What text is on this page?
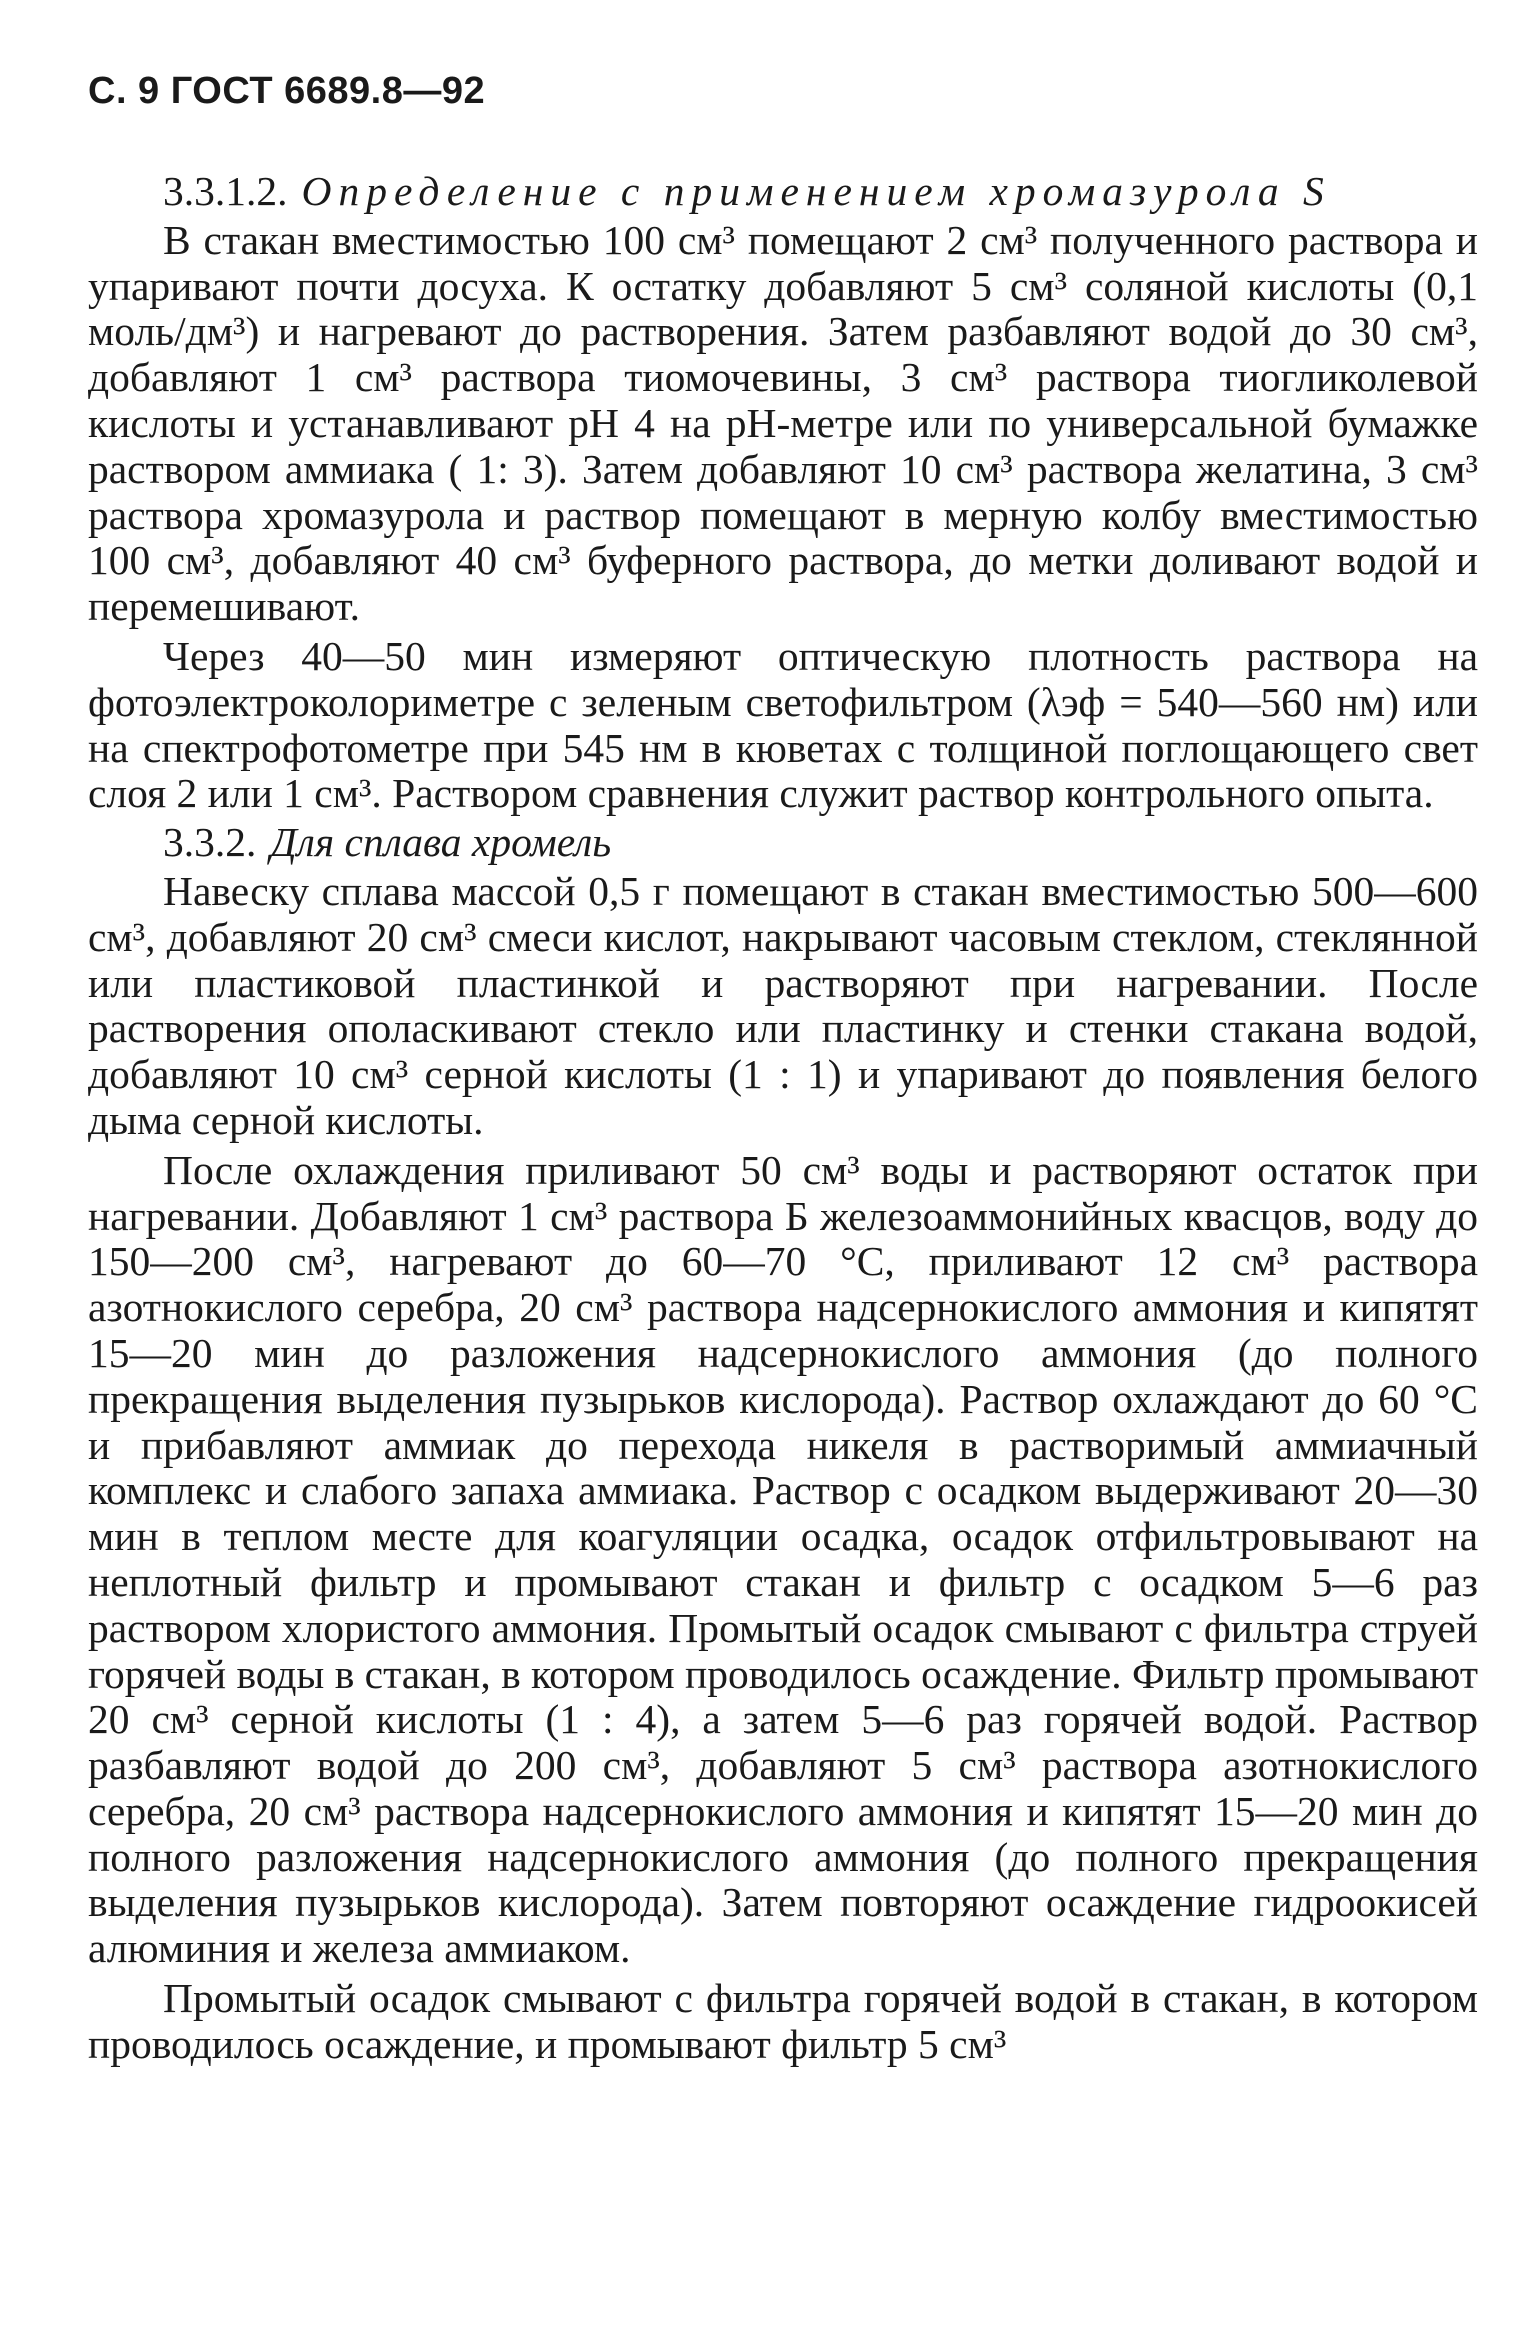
С. 9 ГОСТ 6689.8—92
3.3.1.2. Определение с применением хромазурола S

В стакан вместимостью 100 см³ помещают 2 см³ полученного раствора и упаривают почти досуха. К остатку добавляют 5 см³ соляной кислоты (0,1 моль/дм³) и нагревают до растворения. Затем разбавляют водой до 30 см³, добавляют 1 см³ раствора тиомочевины, 3 см³ раствора тиогликолевой кислоты и устанавливают pH 4 на pH-метре или по универсальной бумажке раствором аммиака ( 1: 3). Затем добавляют 10 см³ раствора желатина, 3 см³ раствора хромазурола и раствор помещают в мерную колбу вместимостью 100 см³, добавляют 40 см³ буферного раствора, до метки доливают водой и перемешивают.

Через 40—50 мин измеряют оптическую плотность раствора на фотоэлектроколориметре с зеленым светофильтром (λэф = 540—560 нм) или на спектрофотометре при 545 нм в кюветах с толщиной поглощающего свет слоя 2 или 1 см³. Раствором сравнения служит раствор контрольного опыта.

3.3.2. Для сплава хромель

Навеску сплава массой 0,5 г помещают в стакан вместимостью 500—600 см³, добавляют 20 см³ смеси кислот, накрывают часовым стеклом, стеклянной или пластиковой пластинкой и растворяют при нагревании. После растворения ополаскивают стекло или пластинку и стенки стакана водой, добавляют 10 см³ серной кислоты (1 : 1) и упаривают до появления белого дыма серной кислоты.

После охлаждения приливают 50 см³ воды и растворяют остаток при нагревании. Добавляют 1 см³ раствора Б железоаммонийных квасцов, воду до 150—200 см³, нагревают до 60—70 °С, приливают 12 см³ раствора азотнокислого серебра, 20 см³ раствора надсернокислого аммония и кипятят 15—20 мин до разложения надсернокислого аммония (до полного прекращения выделения пузырьков кислорода). Раствор охлаждают до 60 °С и прибавляют аммиак до перехода никеля в растворимый аммиачный комплекс и слабого запаха аммиака. Раствор с осадком выдерживают 20—30 мин в теплом месте для коагуляции осадка, осадок отфильтровывают на неплотный фильтр и промывают стакан и фильтр с осадком 5—6 раз раствором хлористого аммония. Промытый осадок смывают с фильтра струей горячей воды в стакан, в котором проводилось осаждение. Фильтр промывают 20 см³ серной кислоты (1 : 4), а затем 5—6 раз горячей водой. Раствор разбавляют водой до 200 см³, добавляют 5 см³ раствора азотнокислого серебра, 20 см³ раствора надсернокислого аммония и кипятят 15—20 мин до полного разложения надсернокислого аммония (до полного прекращения выделения пузырьков кислорода). Затем повторяют осаждение гидроокисей алюминия и железа аммиаком.

Промытый осадок смывают с фильтра горячей водой в стакан, в котором проводилось осаждение, и промывают фильтр 5 см³
